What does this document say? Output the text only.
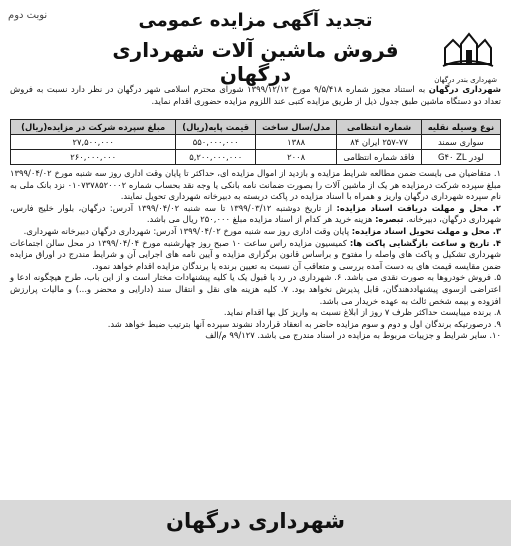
نوبت دوم
شهرداری بندر درگهان
تجدید آگهی مزایده عمومی
فروش ماشین آلات شهرداری درگهان
شهرداری درگهان به استناد مجوز شماره ۹/۵/۴۱۸ مورخ ۱۳۹۹/۱۲/۱۲ شورای محترم اسلامی شهر درگهان در نظر دارد نسبت به فروش تعداد دو دستگاه ماشین طبق جدول ذیل از طریق مزایده کتبی عند اللزوم مزایده حضوری اقدام نماید.
نوع وسیله نقلیه	شماره انتظامی	مدل/سال ساخت	قیمت پایه(ریال)	مبلغ سپرده شرکت در مزایده(ریال)
سواری سمند	۲۵۷-۷۷ ایران ۸۴	۱۳۸۸	۵۵۰,۰۰۰,۰۰۰	۲۷,۵۰۰,۰۰۰
لودر G۴۰ ZL	فاقد شماره انتظامی	۲۰۰۸	۵,۲۰۰,۰۰۰,۰۰۰	۲۶۰,۰۰۰,۰۰۰

۱. متقاضیان می بایست ضمن مطالعه شرایط مزایده و بازدید از اموال مزایده ای، حداکثر تا پایان وقت اداری روز سه شنبه مورخ ۱۳۹۹/۰۴/۰۲ مبلغ سپرده شرکت درمزایده هر یک از ماشین آلات را بصورت ضمانت نامه بانکی یا وجه نقد بحساب شماره ۰۱۰۷۳۷۸۵۲۰۰۰۲ نزد بانک ملی به نام سپرده شهرداری درگهان واریز و همراه با اسناد مزایده در پاکت دربسته به دبیرخانه شهرداری تحویل نمایند.

۲. محل و مهلت دریافت اسناد مزایده: از تاریخ دوشنبه ۱۳۹۹/۰۳/۱۲ تا سه شنبه ۱۳۹۹/۰۴/۰۲ آدرس: درگهان، بلوار خلیج فارس، شهرداری درگهان، دبیرخانه. تبصره: هزینه خرید هر کدام از اسناد مزایده مبلغ ۲۵۰,۰۰۰ ریال می باشد.

۳. محل و مهلت تحویل اسناد مزایده: پایان وقت اداری روز سه شنبه مورخ ۱۳۹۹/۰۴/۰۲ آدرس: شهرداری درگهان دبیرخانه شهرداری.

۴. تاریخ و ساعت بازگشایی پاکت ها: کمیسیون مزایده راس ساعت ۱۰ صبح روز چهارشنبه مورخ ۱۳۹۹/۰۴/۰۴ در محل سالن اجتماعات شهرداری تشکیل و پاکت های واصله را مفتوح و براساس قانون برگزاری مزایده و آیین نامه های اجرایی آن و شرایط مندرج در اوراق مزایده ضمن مقایسه قیمت های به دست آمده بررسی و متعاقب آن نسبت به تعیین برنده یا برندگان مزایده اقدام خواهد نمود.

۵. فروش خودروها به صورت نقدی می باشد. ۶. شهرداری در رد یا قبول یک یا کلیه پیشنهادات مختار است و از این باب، طرح هیچگونه ادعا و اعتراضی ازسوی پیشنهاددهندگان، قابل پذیرش نخواهد بود. ۷. کلیه هزینه های نقل و انتقال سند (دارایی و محضر و...) و مالیات پرارزش افزوده و بیمه شخص ثالث به عهده خریدار می باشد.

۸. برنده میبایست حداکثر ظرف ۷ روز از ابلاغ نسبت به واریز کل بها اقدام نماید.

۹. درصورتیکه برندگان اول و دوم و سوم مزایده حاضر به انعقاد قرارداد نشوند سپرده آنها بترتیب ضبط خواهد شد.

۱۰. سایر شرایط و جزییات مربوط به مزایده در اسناد مندرج می باشد. ۹۹/۱۲۷ م/الف

شهرداری درگهان
